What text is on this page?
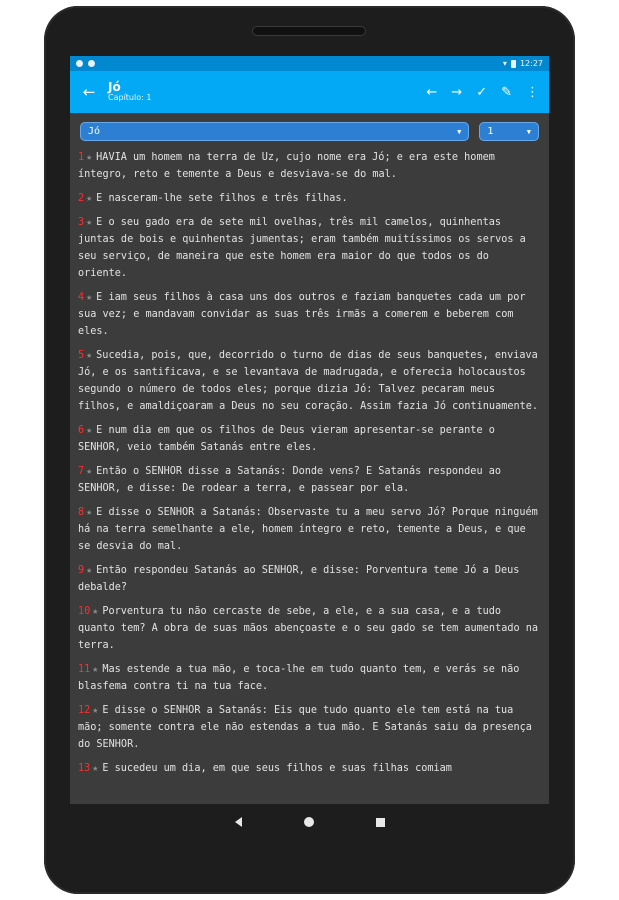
▾ 12:27
←	Jó
Capítulo: 1	← → ✓ ✎ ⋮
Jó	▼	1	▼
1 ★ HAVIA um homem na terra de Uz, cujo nome era Jó; e era este homem íntegro, reto e temente a Deus e desviava-se do mal.
2 ★ E nasceram-lhe sete filhos e três filhas.
3 ★ E o seu gado era de sete mil ovelhas, três mil camelos, quinhentas juntas de bois e quinhentas jumentas; eram também muitíssimos os servos a seu serviço, de maneira que este homem era maior do que todos os do oriente.
4 ★ E iam seus filhos à casa uns dos outros e faziam banquetes cada um por sua vez; e mandavam convidar as suas três irmãs a comerem e beberem com eles.
5 ★ Sucedia, pois, que, decorrido o turno de dias de seus banquetes, enviava Jó, e os santificava, e se levantava de madrugada, e oferecia holocaustos segundo o número de todos eles; porque dizia Jó: Talvez pecaram meus filhos, e amaldiçoaram a Deus no seu coração. Assim fazia Jó continuamente.
6 ★ E num dia em que os filhos de Deus vieram apresentar-se perante o SENHOR, veio também Satanás entre eles.
7 ★ Então o SENHOR disse a Satanás: Donde vens? E Satanás respondeu ao SENHOR, e disse: De rodear a terra, e passear por ela.
8 ★ E disse o SENHOR a Satanás: Observaste tu a meu servo Jó? Porque ninguém há na terra semelhante a ele, homem íntegro e reto, temente a Deus, e que se desvia do mal.
9 ★ Então respondeu Satanás ao SENHOR, e disse: Porventura teme Jó a Deus debalde?
10 ★ Porventura tu não cercaste de sebe, a ele, e a sua casa, e a tudo quanto tem? A obra de suas mãos abençoaste e o seu gado se tem aumentado na terra.
11 ★ Mas estende a tua mão, e toca-lhe em tudo quanto tem, e verás se não blasfema contra ti na tua face.
12 ★ E disse o SENHOR a Satanás: Eis que tudo quanto ele tem está na tua mão; somente contra ele não estendas a tua mão. E Satanás saiu da presença do SENHOR.
13 ★ E sucedeu um dia, em que seus filhos e suas filhas comiam
